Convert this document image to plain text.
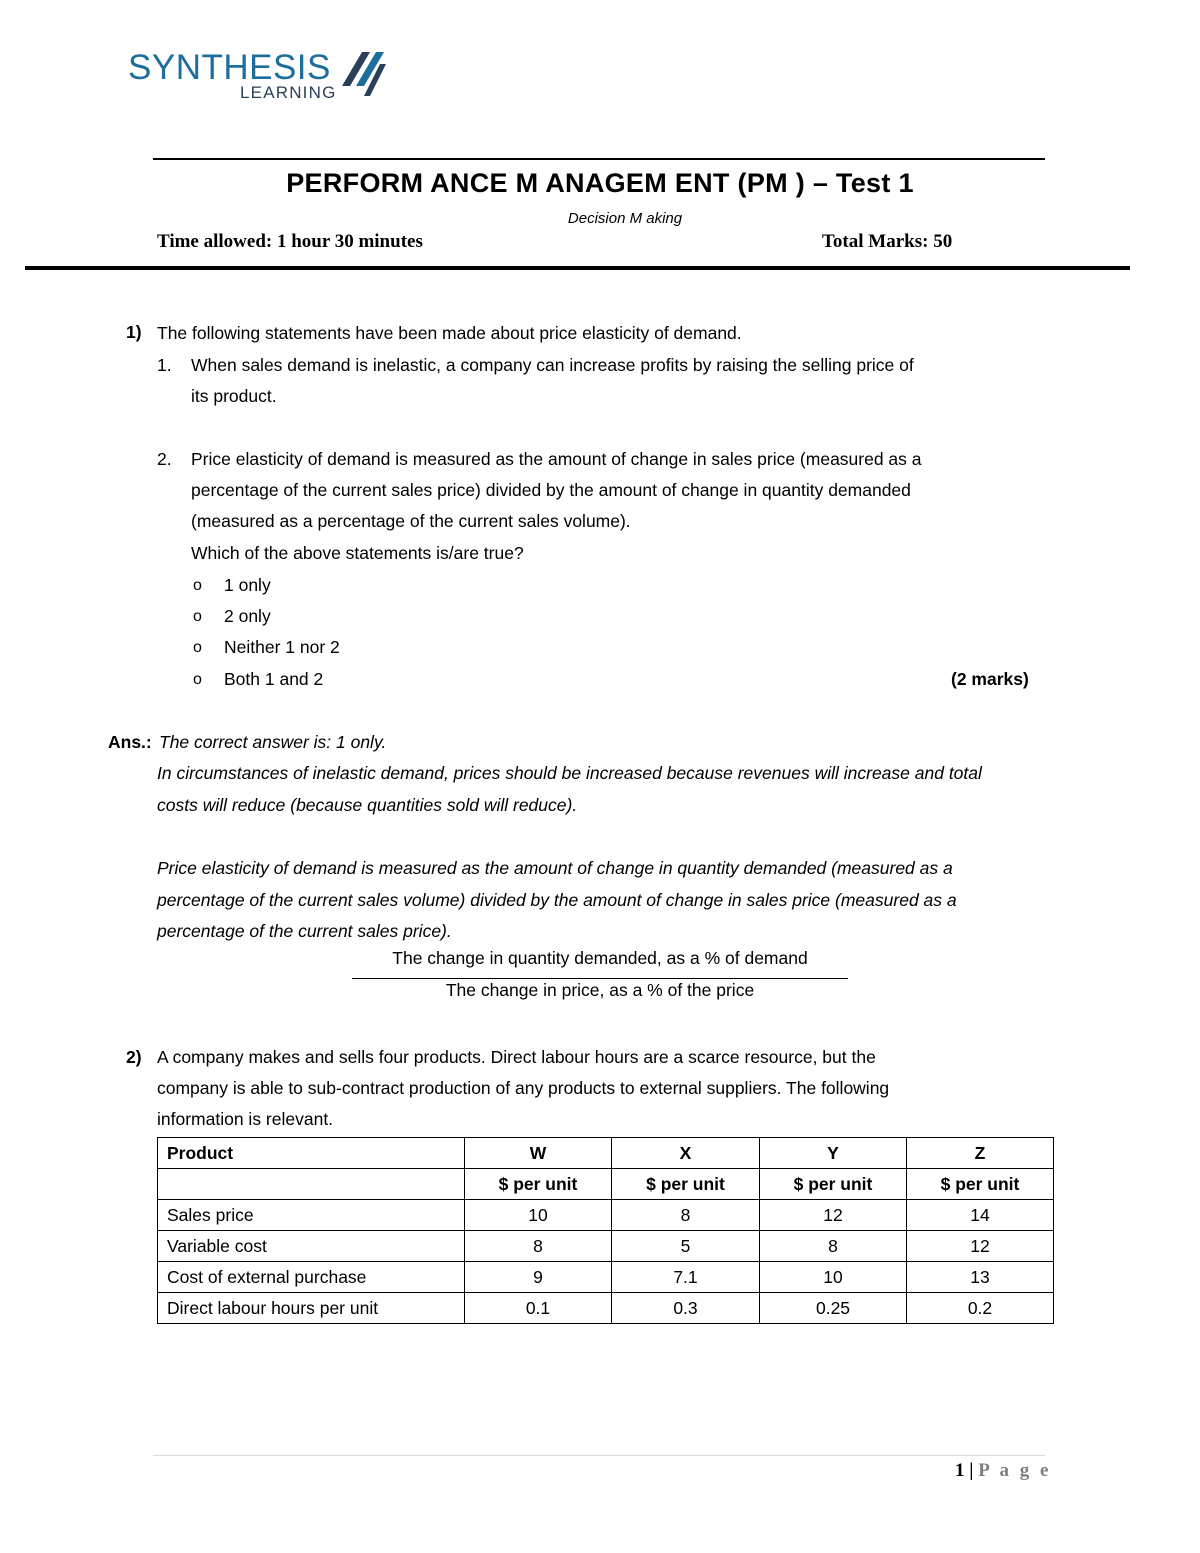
SYNTHESIS
LEARNING
PERFORM ANCE M ANAGEM ENT (PM ) – Test 1
Decision M aking
Time allowed: 1 hour 30 minutes	Total Marks: 50
1) The following statements have been made about price elasticity of demand.
1. When sales demand is inelastic, a company can increase profits by raising the selling price of
its product.
2. Price elasticity of demand is measured as the amount of change in sales price (measured as a
percentage of the current sales price) divided by the amount of change in quantity demanded
(measured as a percentage of the current sales volume).
Which of the above statements is/are true?
o 1 only
o 2 only
o Neither 1 nor 2
o Both 1 and 2	(2 marks)
Ans.: The correct answer is: 1 only.
In circumstances of inelastic demand, prices should be increased because revenues will increase and total
costs will reduce (because quantities sold will reduce).
Price elasticity of demand is measured as the amount of change in quantity demanded (measured as a
percentage of the current sales volume) divided by the amount of change in sales price (measured as a
percentage of the current sales price).
The change in quantity demanded, as a % of demand
The change in price, as a % of the price
2) A company makes and sells four products. Direct labour hours are a scarce resource, but the
company is able to sub-contract production of any products to external suppliers. The following
information is relevant.
Product	W	X	Y	Z
	$ per unit	$ per unit	$ per unit	$ per unit
Sales price	10	8	12	14
Variable cost	8	5	8	12
Cost of external purchase	9	7.1	10	13
Direct labour hours per unit	0.1	0.3	0.25	0.2
1 | P a g e
